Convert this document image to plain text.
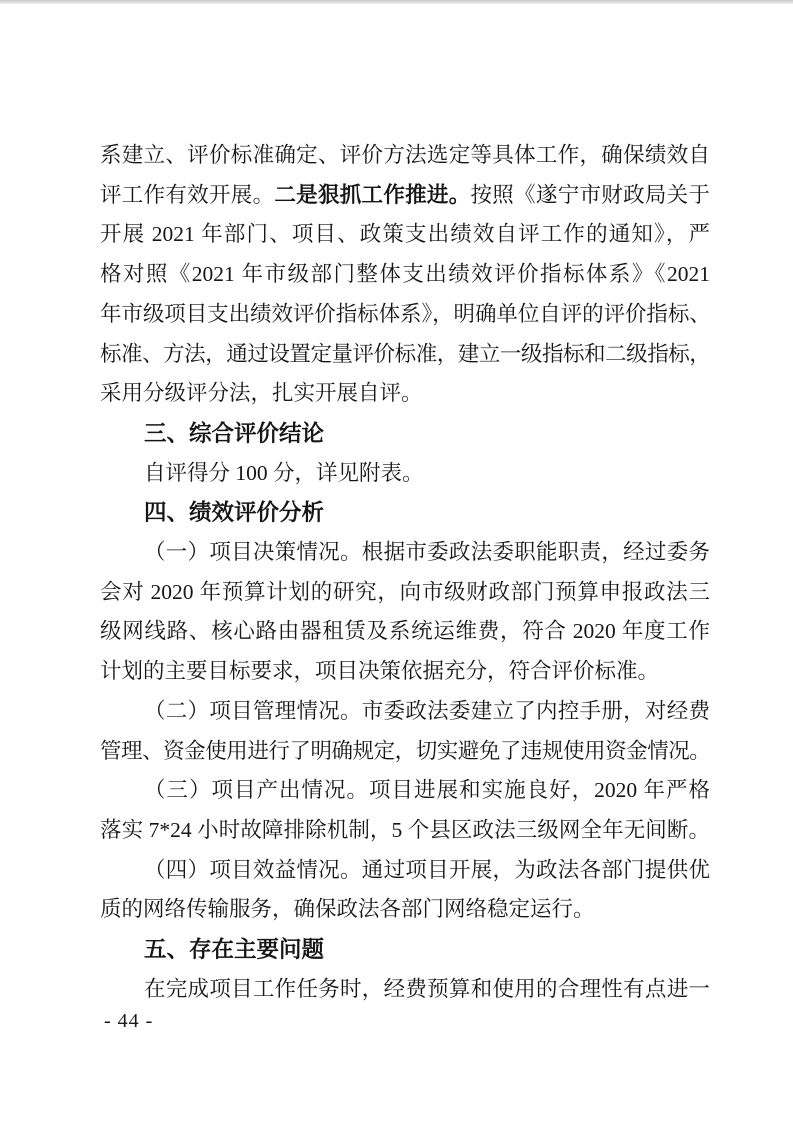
系建立、评价标准确定、评价方法选定等具体工作，确保绩效自
评工作有效开展。二是狠抓工作推进。按照《遂宁市财政局关于
开展 2021 年部门、项目、政策支出绩效自评工作的通知》，严
格对照《2021 年市级部门整体支出绩效评价指标体系》《2021
年市级项目支出绩效评价指标体系》，明确单位自评的评价指标、
标准、方法，通过设置定量评价标准，建立一级指标和二级指标，
采用分级评分法，扎实开展自评。
三、综合评价结论
自评得分 100 分，详见附表。
四、绩效评价分析
（一）项目决策情况。根据市委政法委职能职责，经过委务
会对 2020 年预算计划的研究，向市级财政部门预算申报政法三
级网线路、核心路由器租赁及系统运维费，符合 2020 年度工作
计划的主要目标要求，项目决策依据充分，符合评价标准。
（二）项目管理情况。市委政法委建立了内控手册，对经费
管理、资金使用进行了明确规定，切实避免了违规使用资金情况。
（三）项目产出情况。项目进展和实施良好，2020 年严格
落实 7*24 小时故障排除机制，5 个县区政法三级网全年无间断。
（四）项目效益情况。通过项目开展，为政法各部门提供优
质的网络传输服务，确保政法各部门网络稳定运行。
五、存在主要问题
在完成项目工作任务时，经费预算和使用的合理性有点进一
- 44 -
